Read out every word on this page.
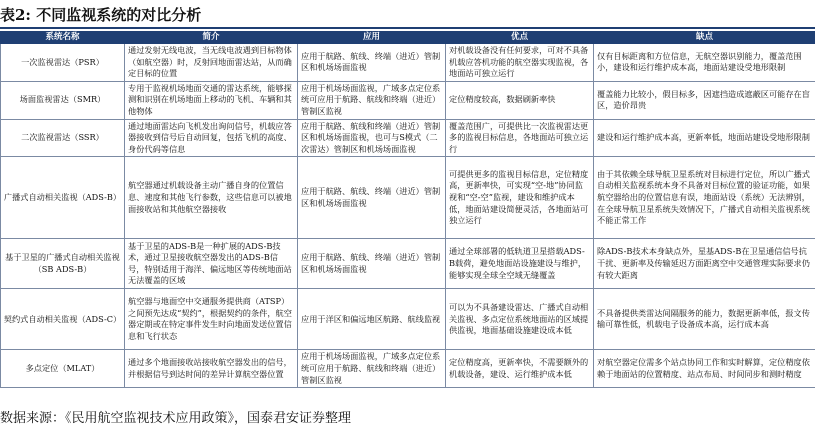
表2: 不同监视系统的对比分析
系统名称	简介	应用	优点	缺点
一次监视雷达（PSR）	通过发射无线电波，当无线电波遇到目标物体（如航空器）时，反射回地面雷达站，从而确定目标的位置	应用于航路、航线、终端（进近）管制区和机场场面监视	对机载设备没有任何要求，可对不具备机载应答机功能的航空器实现监视，各地面站可独立运行	仅有目标距离和方位信息，无航空器识别能力，覆盖范围小，建设和运行维护成本高，地面站建设受地形限制
场面监视雷达（SMR）	专用于监视机场地面交通的雷达系统，能够探测和识别在机场地面上移动的飞机、车辆和其他物体	应用于机场场面监视，广域多点定位系统可应用于航路、航线和终端（进近）管制区监视	定位精度较高，数据刷新率快	覆盖能力比较小，假目标多，因遮挡造成遮蔽区可能存在盲区，造价昂贵
二次监视雷达（SSR）	通过地面雷达向飞机发出询问信号，机载应答器接收到信号后自动回复，包括飞机的高度、身份代码等信息	应用于航路、航线和终端（进近）管制区和机场场面监视，也可与S模式（二次雷达）管制区和机场场面监视	覆盖范围广，可提供比一次监视雷达更多的监视目标信息，各地面站可独立运行	建设和运行维护成本高，更新率低，地面站建设受地形限制
广播式自动相关监视（ADS-B）	航空器通过机载设备主动广播自身的位置信息、速度和其他飞行参数，这些信息可以被地面接收站和其他航空器接收	应用于航路、航线、终端（进近）管制区和机场场面监视	可提供更多的监视目标信息，定位精度高，更新率快，可实现“空-地”协同监视和“空-空”监视，建设和维护成本低，地面站建设简便灵活，各地面站可独立运行	由于其依赖全球导航卫星系统对目标进行定位，所以广播式自动相关监视系统本身不具备对目标位置的验证功能，如果航空器给出的位置信息有误，地面站设（系统）无法辨别，在全球导航卫星系统失效情况下，广播式自动相关监视系统不能正常工作
基于卫星的广播式自动相关监视（SB ADS-B）	基于卫星的ADS-B是一种扩展的ADS-B技术，通过卫星接收航空器发出的ADS-B信号，特别适用于海洋、偏远地区等传统地面站无法覆盖的区域	应用于航路、航线、终端（进近）管制区和机场场面监视	通过全球部署的低轨道卫星搭载ADS-B载荷，避免地面站设施建设与维护，能够实现全球全空域无缝覆盖	除ADS-B技术本身缺点外，星基ADS-B在卫星通信信号抗干扰、更新率及传输延迟方面距离空中交通管理实际要求仍有较大距离
契约式自动相关监视（ADS-C）	航空器与地面空中交通服务提供商（ATSP）之间预先达成“契约”，根据契约的条件，航空器定期或在特定事件发生时向地面发送位置信息和飞行状态	应用于洋区和偏远地区航路、航线监视	可以为不具备建设雷达、广播式自动相关监视、多点定位系统地面站的区域提供监视，地面基础设施建设成本低	不具备提供类雷达间隔服务的能力，数据更新率低，报文传输可靠性低，机载电子设备成本高，运行成本高
多点定位（MLAT）	通过多个地面接收站接收航空器发出的信号，并根据信号到达时间的差异计算航空器位置	应用于机场场面监视，广域多点定位系统可应用于航路、航线和终端（进近）管制区监视	定位精度高，更新率快，不需要额外的机载设备，建设、运行维护成本低	对航空器定位需多个站点协同工作和实时解算，定位精度依赖于地面站的位置精度、站点布局、时间同步和测时精度
数据来源：《民用航空监视技术应用政策》，国泰君安证券整理
